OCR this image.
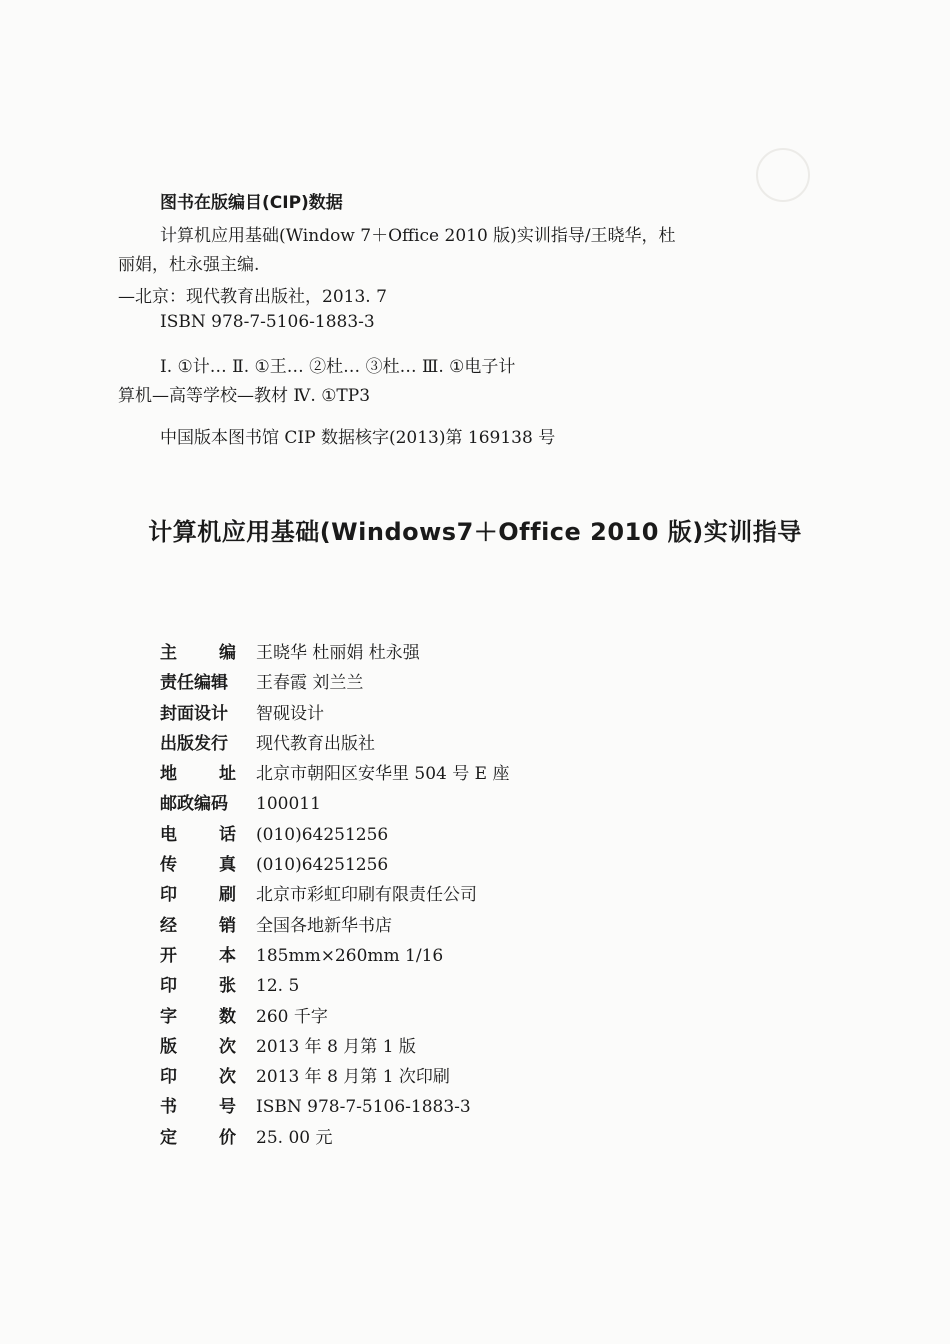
图书在版编目(CIP)数据
计算机应用基础(Window 7＋Office 2010 版)实训指导/王晓华，杜
丽娟，杜永强主编.
—北京：现代教育出版社，2013. 7
ISBN 978-7-5106-1883-3
Ⅰ. ①计… Ⅱ. ①王… ②杜… ③杜… Ⅲ. ①电子计
算机—高等学校—教材 Ⅳ. ①TP3
中国版本图书馆 CIP 数据核字(2013)第 169138 号
计算机应用基础(Windows7＋Office 2010 版)实训指导
主 编 王晓华 杜丽娟 杜永强
责任编辑	王春霞 刘兰兰
封面设计	智砚设计
出版发行	现代教育出版社
地 址 北京市朝阳区安华里 504 号 E 座
邮政编码	100011
电 话 (010)64251256
传 真 (010)64251256
印 刷 北京市彩虹印刷有限责任公司
经 销 全国各地新华书店
开 本 185mm×260mm 1/16
印 张 12. 5
字 数 260 千字
版 次 2013 年 8 月第 1 版
印 次 2013 年 8 月第 1 次印刷
书 号 ISBN 978-7-5106-1883-3
定 价 25. 00 元
